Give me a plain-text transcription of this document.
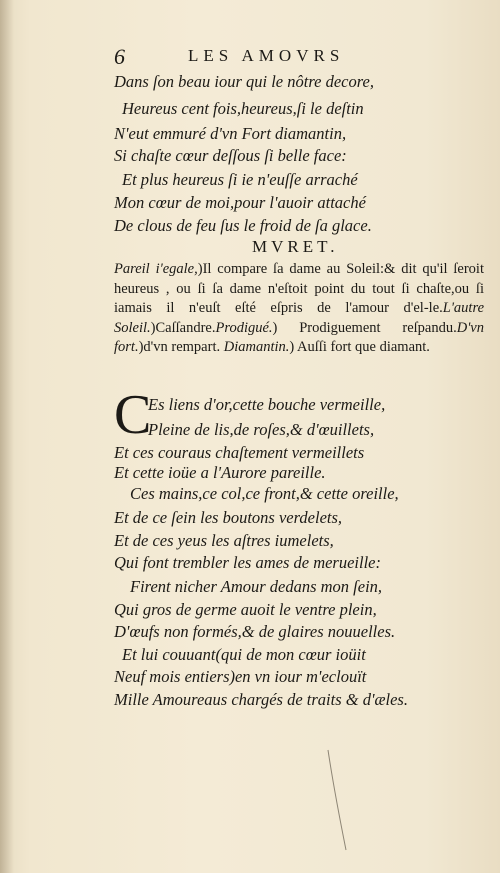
6	LES AMOVRS
Dans ſon beau iour qui le nôtre decore,
Heureus cent fois,heureus,ſi le deſtin
N'eut emmuré d'vn Fort diamantin,
Si chaſte cœur deſſous ſi belle face:
Et plus heureus ſi ie n'euſſe arraché
Mon cœur de moi,pour l'auoir attaché
De clous de feu ſus le froid de ſa glace.
MVRET.
Pareil i'egale,)Il compare ſa dame au Soleil:& dit qu'il ſeroit heureus , ou ſi ſa dame n'eſtoit point du tout ſi chaſte,ou ſi iamais il n'euſt eſté eſpris de l'amour d'el-le.L'autre Soleil.)Caſſandre.Prodigué.) Prodiguement reſpandu.D'vn fort.)d'vn rempart. Diamantin.) Auſſi fort que diamant.
C
Es liens d'or,cette bouche vermeille,
Pleine de lis,de roſes,& d'œuillets,
Et ces couraus chaſtement vermeillets
Et cette ioüe a l'Aurore pareille.
Ces mains,ce col,ce front,& cette oreille,
Et de ce ſein les boutons verdelets,
Et de ces yeus les aſtres iumelets,
Qui font trembler les ames de merueille:
Firent nicher Amour dedans mon ſein,
Qui gros de germe auoit le ventre plein,
D'œufs non formés,& de glaires nouuelles.
Et lui couuant(qui de mon cœur ioüit
Neuf mois entiers)en vn iour m'eclouït
Mille Amoureaus chargés de traits & d'æles.
